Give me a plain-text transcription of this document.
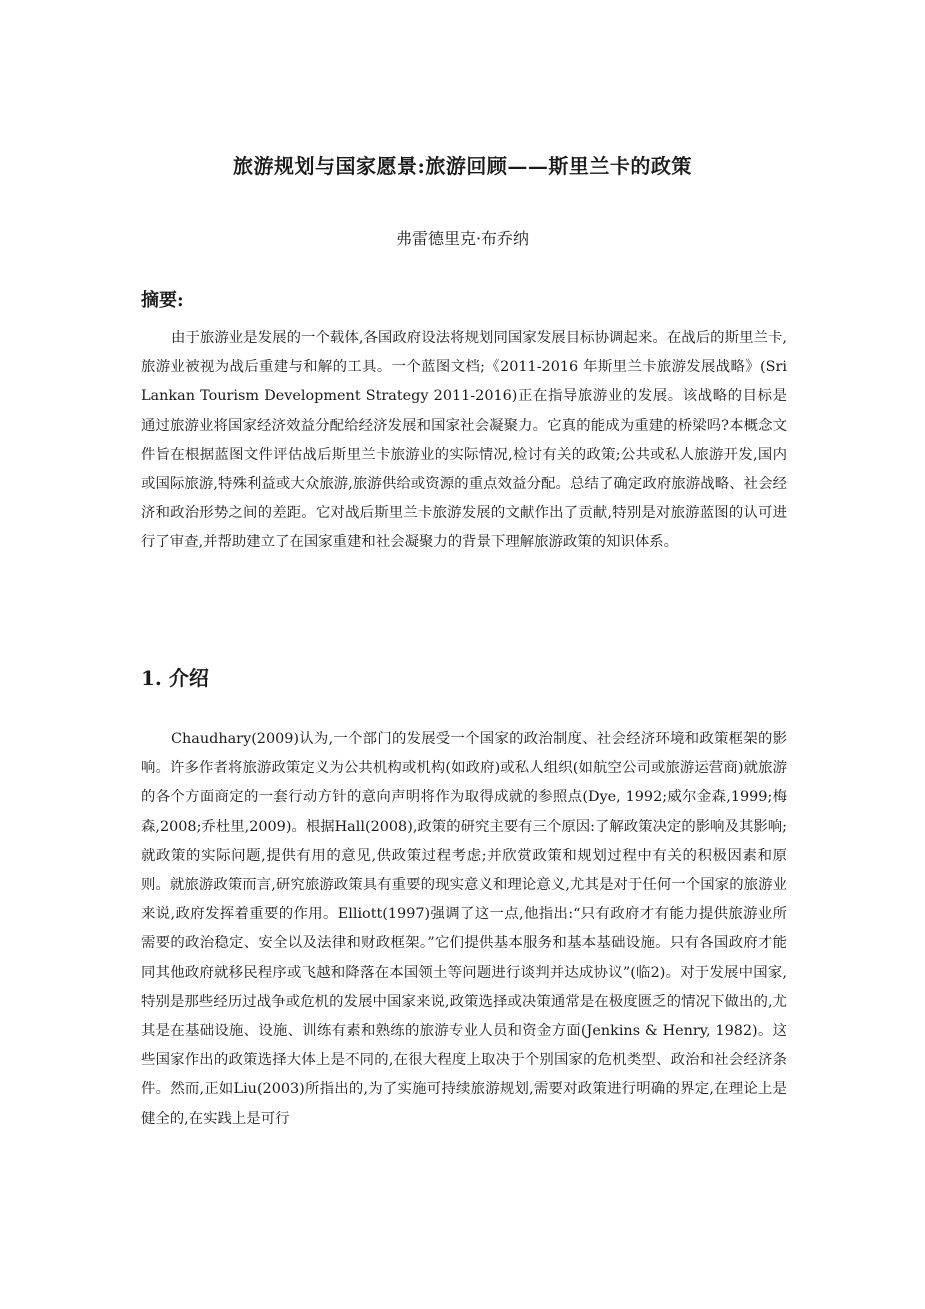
旅游规划与国家愿景:旅游回顾——斯里兰卡的政策
弗雷德里克·布乔纳
摘要:

由于旅游业是发展的一个载体,各国政府设法将规划同国家发展目标协调起来。在战后的斯里兰卡,旅游业被视为战后重建与和解的工具。一个蓝图文档;《2011-2016 年斯里兰卡旅游发展战略》(Sri Lankan Tourism Development Strategy 2011-2016)正在指导旅游业的发展。该战略的目标是通过旅游业将国家经济效益分配给经济发展和国家社会凝聚力。它真的能成为重建的桥梁吗?本概念文件旨在根据蓝图文件评估战后斯里兰卡旅游业的实际情况,检讨有关的政策;公共或私人旅游开发,国内或国际旅游,特殊利益或大众旅游,旅游供给或资源的重点效益分配。总结了确定政府旅游战略、社会经济和政治形势之间的差距。它对战后斯里兰卡旅游发展的文献作出了贡献,特别是对旅游蓝图的认可进行了审查,并帮助建立了在国家重建和社会凝聚力的背景下理解旅游政策的知识体系。

1. 介绍

Chaudhary(2009)认为,一个部门的发展受一个国家的政治制度、社会经济环境和政策框架的影响。许多作者将旅游政策定义为公共机构或机构(如政府)或私人组织(如航空公司或旅游运营商)就旅游的各个方面商定的一套行动方针的意向声明将作为取得成就的参照点(Dye, 1992;威尔金森,1999;梅森,2008;乔杜里,2009)。根据Hall(2008),政策的研究主要有三个原因:了解政策决定的影响及其影响;就政策的实际问题,提供有用的意见,供政策过程考虑;并欣赏政策和规划过程中有关的积极因素和原则。就旅游政策而言,研究旅游政策具有重要的现实意义和理论意义,尤其是对于任何一个国家的旅游业来说,政府发挥着重要的作用。Elliott(1997)强调了这一点,他指出:“只有政府才有能力提供旅游业所需要的政治稳定、安全以及法律和财政框架。”它们提供基本服务和基本基础设施。只有各国政府才能同其他政府就移民程序或飞越和降落在本国领土等问题进行谈判并达成协议”(临2)。对于发展中国家,特别是那些经历过战争或危机的发展中国家来说,政策选择或决策通常是在极度匮乏的情况下做出的,尤其是在基础设施、设施、训练有素和熟练的旅游专业人员和资金方面(Jenkins & Henry, 1982)。这些国家作出的政策选择大体上是不同的,在很大程度上取决于个别国家的危机类型、政治和社会经济条件。然而,正如Liu(2003)所指出的,为了实施可持续旅游规划,需要对政策进行明确的界定,在理论上是健全的,在实践上是可行
